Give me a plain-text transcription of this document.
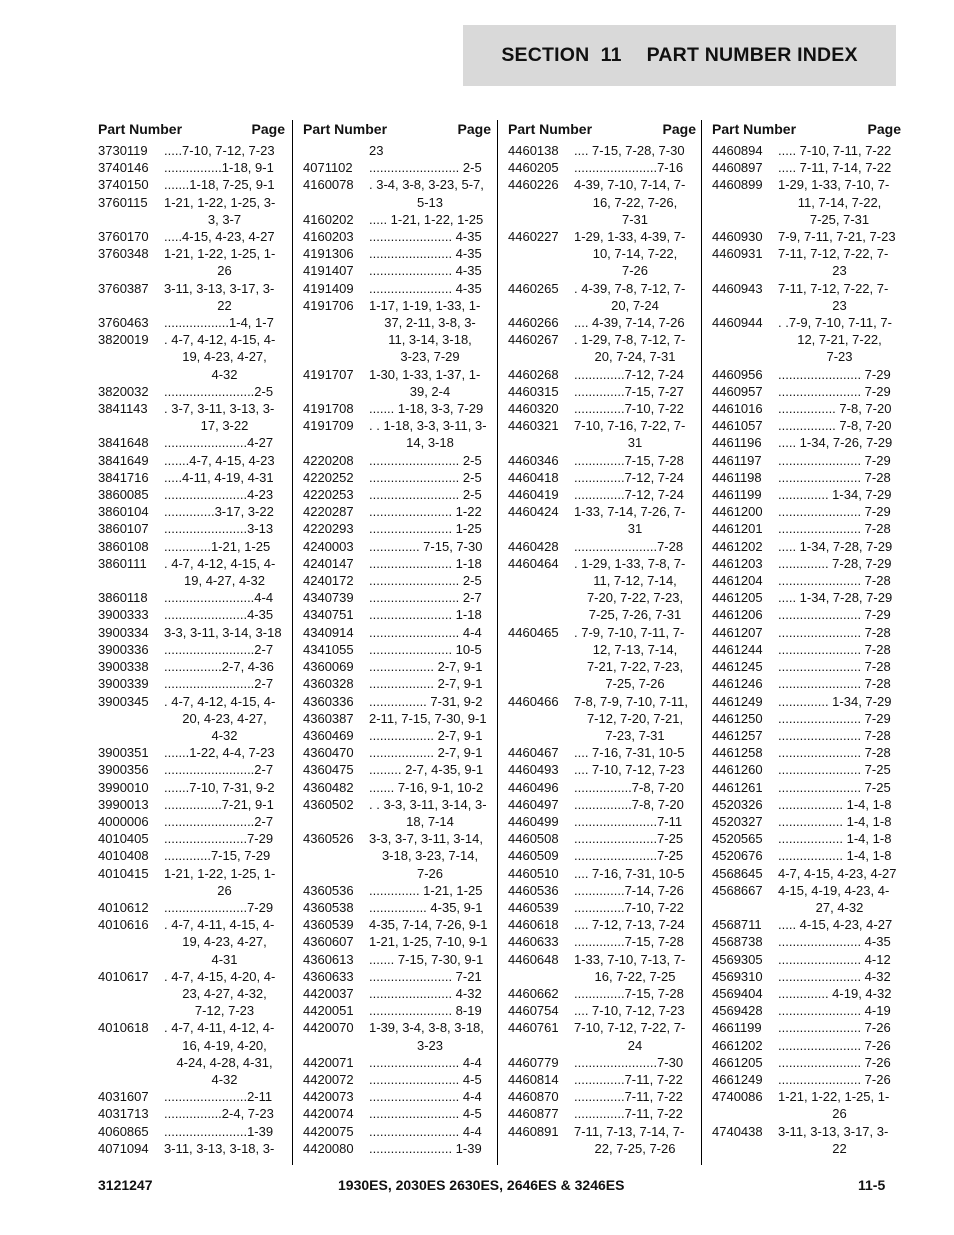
SECTION  11 PART NUMBER INDEX
Part Number	Page
3730119	.....7-10, 7-12, 7-23
3740146	................1-18, 9-1
3740150	.......1-18, 7-25, 9-1
3760115	1-21, 1-22, 1-25, 3-
3, 3-7
3760170	.....4-15, 4-23, 4-27
3760348	1-21, 1-22, 1-25, 1-
26
3760387	3-11, 3-13, 3-17, 3-
22
3760463	..................1-4, 1-7
3820019	. 4-7, 4-12, 4-15, 4-
19, 4-23, 4-27,
4-32
3820032	.........................2-5
3841143	. 3-7, 3-11, 3-13, 3-
17, 3-22
3841648	.......................4-27
3841649	.......4-7, 4-15, 4-23
3841716	.....4-11, 4-19, 4-31
3860085	.......................4-23
3860104	..............3-17, 3-22
3860107	.......................3-13
3860108	.............1-21, 1-25
3860111	. 4-7, 4-12, 4-15, 4-
19, 4-27, 4-32
3860118	.........................4-4
3900333	.......................4-35
3900334	3-3, 3-11, 3-14, 3-18
3900336	.........................2-7
3900338	................2-7, 4-36
3900339	.........................2-7
3900345	. 4-7, 4-12, 4-15, 4-
20, 4-23, 4-27,
4-32
3900351	.......1-22, 4-4, 7-23
3900356	.........................2-7
3990010	.......7-10, 7-31, 9-2
3990013	................7-21, 9-1
4000006	.........................2-7
4010405	.......................7-29
4010408	.............7-15, 7-29
4010415	1-21, 1-22, 1-25, 1-
26
4010612	.......................7-29
4010616	. 4-7, 4-11, 4-15, 4-
19, 4-23, 4-27,
4-31
4010617	. 4-7, 4-15, 4-20, 4-
23, 4-27, 4-32,
7-12, 7-23
4010618	. 4-7, 4-11, 4-12, 4-
16, 4-19, 4-20,
4-24, 4-28, 4-31,
4-32
4031607	.......................2-11
4031713	................2-4, 7-23
4060865	.......................1-39
4071094	3-11, 3-13, 3-18, 3-
Part Number	Page
23
4071102	......................... 2-5
4160078	. 3-4, 3-8, 3-23, 5-7,
5-13
4160202	..... 1-21, 1-22, 1-25
4160203	....................... 4-35
4191306	....................... 4-35
4191407	....................... 4-35
4191409	....................... 4-35
4191706	1-17, 1-19, 1-33, 1-
37, 2-11, 3-8, 3-
11, 3-14, 3-18,
3-23, 7-29
4191707	1-30, 1-33, 1-37, 1-
39, 2-4
4191708	....... 1-18, 3-3, 7-29
4191709	. . 1-18, 3-3, 3-11, 3-
14, 3-18
4220208	......................... 2-5
4220252	......................... 2-5
4220253	......................... 2-5
4220287	....................... 1-22
4220293	....................... 1-25
4240003	.............. 7-15, 7-30
4240147	....................... 1-18
4240172	......................... 2-5
4340739	......................... 2-7
4340751	....................... 1-18
4340914	......................... 4-4
4341055	....................... 10-5
4360069	.................. 2-7, 9-1
4360328	.................. 2-7, 9-1
4360336	................ 7-31, 9-2
4360387	2-11, 7-15, 7-30, 9-1
4360469	.................. 2-7, 9-1
4360470	.................. 2-7, 9-1
4360475	......... 2-7, 4-35, 9-1
4360482	....... 7-16, 9-1, 10-2
4360502	. . 3-3, 3-11, 3-14, 3-
18, 7-14
4360526	3-3, 3-7, 3-11, 3-14,
3-18, 3-23, 7-14,
7-26
4360536	.............. 1-21, 1-25
4360538	................ 4-35, 9-1
4360539	4-35, 7-14, 7-26, 9-1
4360607	1-21, 1-25, 7-10, 9-1
4360613	....... 7-15, 7-30, 9-1
4360633	....................... 7-21
4420037	....................... 4-32
4420051	....................... 8-19
4420070	1-39, 3-4, 3-8, 3-18,
3-23
4420071	......................... 4-4
4420072	......................... 4-5
4420073	......................... 4-4
4420074	......................... 4-5
4420075	......................... 4-4
4420080	....................... 1-39
Part Number	Page
4460138	.... 7-15, 7-28, 7-30
4460205	.......................7-16
4460226	4-39, 7-10, 7-14, 7-
16, 7-22, 7-26,
7-31
4460227	1-29, 1-33, 4-39, 7-
10, 7-14, 7-22,
7-26
4460265	. 4-39, 7-8, 7-12, 7-
20, 7-24
4460266	.... 4-39, 7-14, 7-26
4460267	. 1-29, 7-8, 7-12, 7-
20, 7-24, 7-31
4460268	..............7-12, 7-24
4460315	..............7-15, 7-27
4460320	..............7-10, 7-22
4460321	7-10, 7-16, 7-22, 7-
31
4460346	..............7-15, 7-28
4460418	..............7-12, 7-24
4460419	..............7-12, 7-24
4460424	1-33, 7-14, 7-26, 7-
31
4460428	.......................7-28
4460464	. 1-29, 1-33, 7-8, 7-
11, 7-12, 7-14,
7-20, 7-22, 7-23,
7-25, 7-26, 7-31
4460465	. 7-9, 7-10, 7-11, 7-
12, 7-13, 7-14,
7-21, 7-22, 7-23,
7-25, 7-26
4460466	7-8, 7-9, 7-10, 7-11,
7-12, 7-20, 7-21,
7-23, 7-31
4460467	.... 7-16, 7-31, 10-5
4460493	.... 7-10, 7-12, 7-23
4460496	................7-8, 7-20
4460497	................7-8, 7-20
4460499	.......................7-11
4460508	.......................7-25
4460509	.......................7-25
4460510	.... 7-16, 7-31, 10-5
4460536	..............7-14, 7-26
4460539	..............7-10, 7-22
4460618	.... 7-12, 7-13, 7-24
4460633	..............7-15, 7-28
4460648	1-33, 7-10, 7-13, 7-
16, 7-22, 7-25
4460662	..............7-15, 7-28
4460754	.... 7-10, 7-12, 7-23
4460761	7-10, 7-12, 7-22, 7-
24
4460779	.......................7-30
4460814	..............7-11, 7-22
4460870	..............7-11, 7-22
4460877	..............7-11, 7-22
4460891	7-11, 7-13, 7-14, 7-
22, 7-25, 7-26
Part Number	Page
4460894	..... 7-10, 7-11, 7-22
4460897	..... 7-11, 7-14, 7-22
4460899	1-29, 1-33, 7-10, 7-
11, 7-14, 7-22,
7-25, 7-31
4460930	7-9, 7-11, 7-21, 7-23
4460931	7-11, 7-12, 7-22, 7-
23
4460943	7-11, 7-12, 7-22, 7-
23
4460944	. .7-9, 7-10, 7-11, 7-
12, 7-21, 7-22,
7-23
4460956	....................... 7-29
4460957	....................... 7-29
4461016	................ 7-8, 7-20
4461057	................ 7-8, 7-20
4461196	..... 1-34, 7-26, 7-29
4461197	....................... 7-29
4461198	....................... 7-28
4461199	.............. 1-34, 7-29
4461200	....................... 7-29
4461201	....................... 7-28
4461202	..... 1-34, 7-28, 7-29
4461203	.............. 7-28, 7-29
4461204	....................... 7-28
4461205	..... 1-34, 7-28, 7-29
4461206	....................... 7-29
4461207	....................... 7-28
4461244	....................... 7-28
4461245	....................... 7-28
4461246	....................... 7-28
4461249	.............. 1-34, 7-29
4461250	....................... 7-29
4461257	....................... 7-28
4461258	....................... 7-28
4461260	....................... 7-25
4461261	....................... 7-25
4520326	.................. 1-4, 1-8
4520327	.................. 1-4, 1-8
4520565	.................. 1-4, 1-8
4520676	.................. 1-4, 1-8
4568645	4-7, 4-15, 4-23, 4-27
4568667	4-15, 4-19, 4-23, 4-
27, 4-32
4568711	..... 4-15, 4-23, 4-27
4568738	....................... 4-35
4569305	....................... 4-12
4569310	....................... 4-32
4569404	.............. 4-19, 4-32
4569428	....................... 4-19
4661199	....................... 7-26
4661202	....................... 7-26
4661205	....................... 7-26
4661249	....................... 7-26
4740086	1-21, 1-22, 1-25, 1-
26
4740438	3-11, 3-13, 3-17, 3-
22
3121247	1930ES, 2030ES 2630ES, 2646ES & 3246ES	11-5
